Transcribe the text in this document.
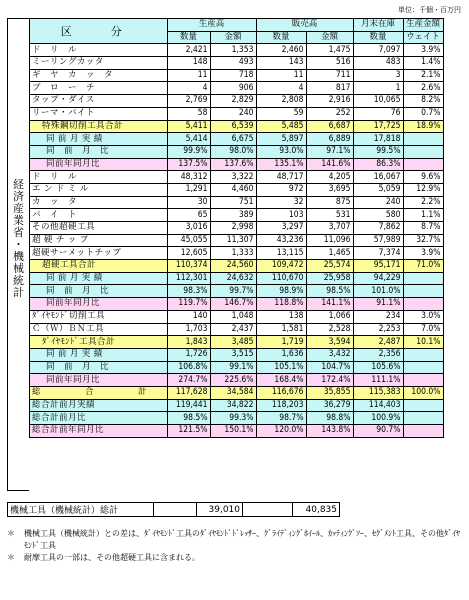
単位：千個・百万円
経
済
産
業
省
・
機
械
統
計
区　分	生産高		販売高		月末在庫	生産金額
	数量	金額	数量	金額	数量	ウェイト
ド　リ　ル	2,421	1,353	2,460	1,475	7,097	3.9%
ミーリングカッタ	148	493	143	516	483	1.4%
ギ　ヤ　カ　ッ　タ	11	718	11	711	3	2.1%
ブ　ロ　ー　チ	4	906	4	817	1	2.6%
タップ・ダイス	2,769	2,829	2,808	2,916	10,065	8.2%
リーマ・バイト	58	240	59	252	76	0.7%
特殊鋼切削工具合計	5,411	6,539	5,485	6,687	17,725	18.9%
同 前 月 実 績	5,414	6,675	5,897	6,889	17,818	
同　前　月　比	99.9%	98.0%	93.0%	97.1%	99.5%	
同前年同月比	137.5%	137.6%	135.1%	141.6%	86.3%	
ド　リ　ル	48,312	3,322	48,717	4,205	16,067	9.6%
エ ン ド ミ ル	1,291	4,460	972	3,695	5,059	12.9%
カ　ッ　タ	30	751	32	875	240	2.2%
バ　イ　ト	65	389	103	531	580	1.1%
その他超硬工具	3,016	2,998	3,297	3,707	7,862	8.7%
超 硬 チ ッ プ	45,055	11,307	43,236	11,096	57,989	32.7%
超硬サーメットチップ	12,605	1,333	13,115	1,465	7,374	3.9%
超硬工具合計	110,374	24,560	109,472	25,574	95,171	71.0%
同 前 月 実 績	112,301	24,632	110,670	25,958	94,229	
同　前　月　比	98.3%	99.7%	98.9%	98.5%	101.0%	
同前年同月比	119.7%	146.7%	118.8%	141.1%	91.1%	
ﾀﾞｲﾔﾓﾝﾄﾞ切削工具	140	1,048	138	1,066	234	3.0%
Ｃ（Ｗ）ＢＮ工具	1,703	2,437	1,581	2,528	2,253	7.0%
ﾀﾞｲﾔﾓﾝﾄﾞ工具合計	1,843	3,485	1,719	3,594	2,487	10.1%
同 前 月 実 績	1,726	3,515	1,636	3,432	2,356	
同　前　月　比	106.8%	99.1%	105.1%	104.7%	105.6%	
同前年同月比	274.7%	225.6%	168.4%	172.4%	111.1%	
総　合　計	117,628	34,584	116,676	35,855	115,383	100.0%
総合計前月実績	119,441	34,822	118,203	36,279	114,403	
総合計前月比	98.5%	99.3%	98.7%	98.8%	100.9%	
総合計前年同月比	121.5%	150.1%	120.0%	143.8%	90.7%	
機械工具（機械統計）総計		39,010		40,835
＊ 機械工具（機械統計）との差は、ﾀﾞｲﾔﾓﾝﾄﾞ工具のﾀﾞｲﾔﾓﾝﾄﾞﾄﾞﾚｯｻｰ、ｸﾞﾗｲﾃﾞｨﾝｸﾞﾎｲｰﾙ、ｶｯﾃｨﾝｸﾞｿｰ、ｾｸﾞﾒﾝﾄ工具、その他ﾀﾞｲﾔﾓﾝﾄﾞ工具
＊ 耐摩工具の一部は、その他超硬工具に含まれる。
